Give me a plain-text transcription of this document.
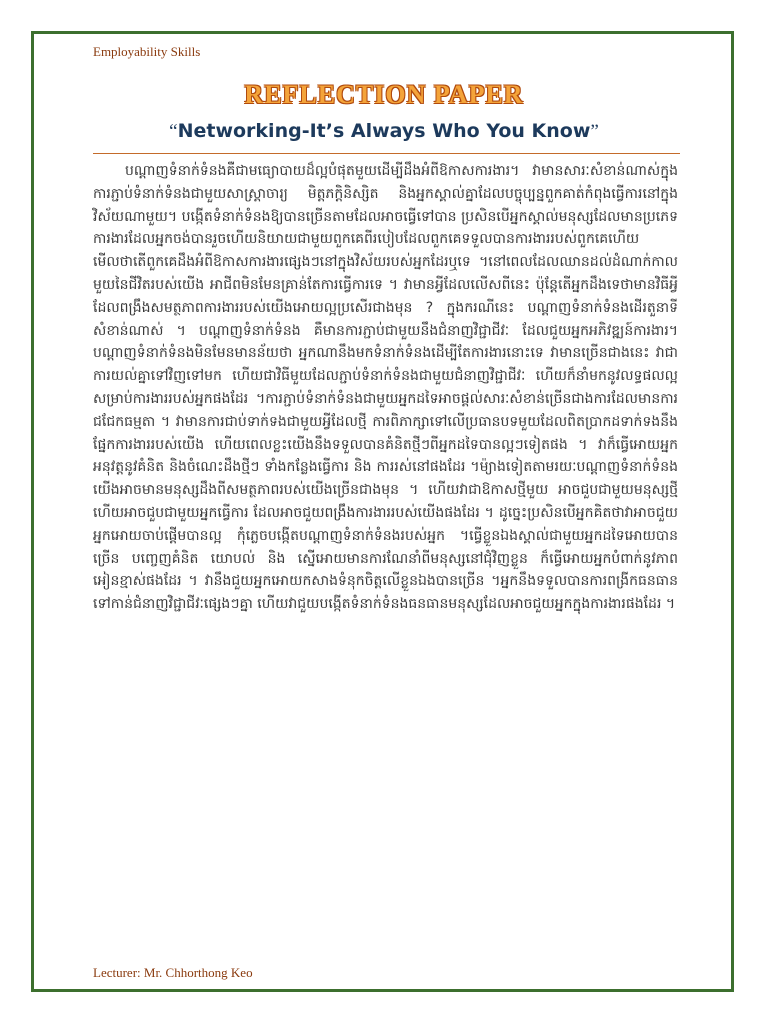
Employability Skills
REFLECTION PAPER
“Networking-It’s Always Who You Know”

បណ្តាញទំនាក់ទំនងគឺជាមធ្យោបាយដ៏ល្អបំផុតមួយដើម្បីដឹងអំពីឱកាសការងារ។ វាមានសារៈសំខាន់ណាស់ក្នុងការភ្ជាប់ទំនាក់ទំនងជាមួយសាស្រ្តាចារ្យ មិត្តភក្តិនិស្សិត និងអ្នកស្គាល់គ្នាដែលបច្ចុប្បន្នពួកគាត់កំពុងធ្វើការនៅក្នុងវិស័យណាមួយ។ បង្កើតទំនាក់ទំនងឱ្យបានច្រើនតាមដែលអាចធ្វើទៅបាន ប្រសិនបើអ្នកស្គាល់មនុស្សដែលមានប្រភេទការងារដែលអ្នកចង់បានរួចហើយនិយាយជាមួយពួកគេពីរបៀបដែលពួកគេទទួលបានការងាររបស់ពួកគេហើយមើលថាតើពួកគេដឹងអំពីឱកាសការងារផ្សេងៗនៅក្នុងវិស័យរបស់អ្នកដែរឬទេ ។នៅពេលដែលឈានដល់ដំណាក់កាលមួយនៃជីវិតរបស់យើង អាជីពមិនមែនគ្រាន់តែការធ្វើការទេ ។ វាមានអ្វីដែលលើសពីនេះ ប៉ុន្តែតើអ្នកដឹងទេថាមានវិធីអ្វីដែលពង្រឹងសមត្ថភាពការងាររបស់យើងអោយល្អប្រសើរជាងមុន ? ក្នុងករណីនេះ បណ្តាញទំនាក់ទំនងដើរតួនាទីសំខាន់ណាស់ ។ បណ្តាញទំនាក់ទំនង គឺមានការភ្ជាប់ជាមួយនឹងជំនាញវិជ្ជាជីវៈ ដែលជួយអ្នកអភិវឌ្ឍន៍ការងារ។ បណ្តាញទំនាក់ទំនងមិនមែនមានន័យថា អ្នកណានឹងមកទំនាក់ទំនងដើម្បីតែការងារនោះទេ វាមានច្រើនជាងនេះ វាជាការយល់គ្នាទៅវិញទៅមក ហើយជាវិធីមួយដែលភ្ជាប់ទំនាក់ទំនងជាមួយជំនាញវិជ្ជាជីវៈ ហើយក៏នាំមកនូវលទ្ធផលល្អសម្រាប់ការងាររបស់អ្នកផងដែរ ។ការភ្ជាប់ទំនាក់ទំនងជាមួយអ្នកដទៃអាចផ្តល់សារៈសំខាន់ច្រើនជាងការដែលមានការជជែកធម្មតា ។ វាមានការជាប់ទាក់ទងជាមួយអ្វីដែលថ្មី ការពិភាក្សាទៅលើប្រធានបទមួយដែលពិតប្រាកដទាក់ទងនឹងផ្នែកការងាររបស់យើង ហើយពេលខ្លះយើងនឹងទទួលបានគំនិតថ្មីៗពីអ្នកដទៃបានល្អៗទៀតផង ។ វាក៏ធ្វើអោយអ្នកអនុវត្តនូវគំនិត និងចំណេះដឹងថ្មីៗ ទាំងកន្លែងធ្វើការ និង ការរស់នៅផងដែរ ។ម៉្យាងទៀតតាមរយៈបណ្តាញទំនាក់ទំនង យើងអាចមានមនុស្សដឹងពីសមត្ថភាពរបស់យើងច្រើនជាងមុន ។ ហើយវាជាឱកាសថ្មីមួយ អាចជួបជាមួយមនុស្សថ្មី ហើយអាចជួបជាមួយអ្នកធ្វើការ ដែលអាចជួយពង្រឹងការងាររបស់យើងផងដែរ ។ ដូច្នេះប្រសិនបើអ្នកគិតថាវាអាចជួយអ្នកអោយចាប់ផ្តើមបានល្អ កុំភ្លេចបង្កើតបណ្តាញទំនាក់ទំនងរបស់អ្នក ។ធ្វើខ្លួនឯងស្គាល់ជាមួយអ្នកដទៃអោយបានច្រើន បញ្ចេញគំនិត យោបល់ និង ស្នើអោយមានការណែនាំពីមនុស្សនៅជុំវិញខ្លួន ក៏ធ្វើអោយអ្នកបំពាក់នូវភាពអៀនខ្មាស់ផងដែរ ។ វានឹងជួយអ្នកអោយកសាងទំនុកចិត្តលើខ្លួនឯងបានច្រើន ។អ្នកនឹងទទួលបានការពង្រីកធនធាន ទៅកាន់ជំនាញវិជ្ជាជីវៈផ្សេងៗគ្នា ហើយវាជួយបង្កើតទំនាក់ទំនងធនធានមនុស្សដែលអាចជួយអ្នកក្នុងការងារផងដែរ ។

Lecturer: Mr. Chhorthong Keo
